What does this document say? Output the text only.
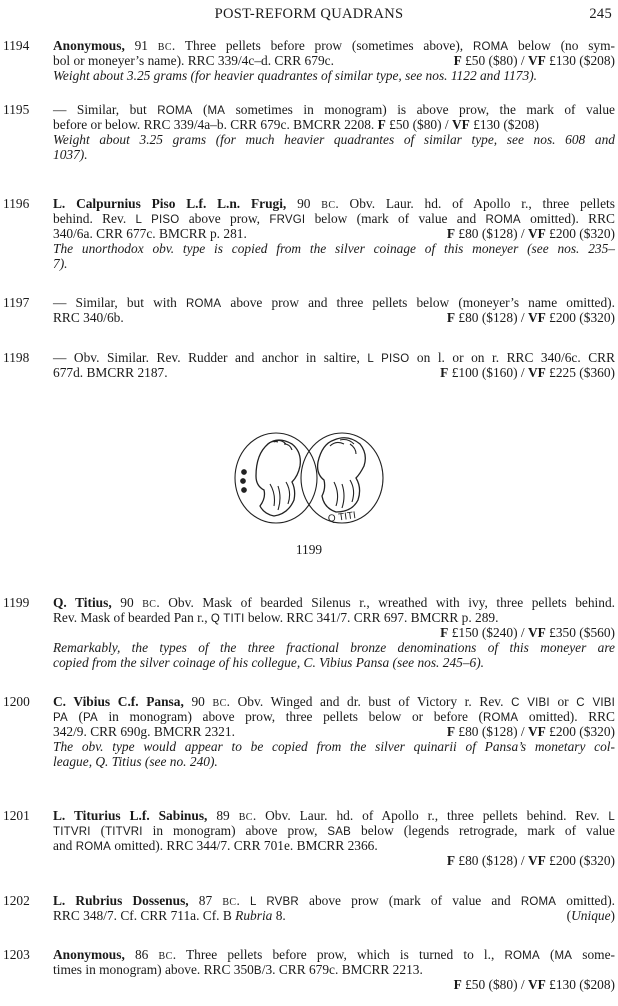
POST-REFORM QUADRANS	245
1194 Anonymous, 91 BC. Three pellets before prow (sometimes above), ROMA below (no sym-
bol or moneyer’s name). RRC 339/4c–d. CRR 679c.	F £50 ($80) / VF £130 ($208)
Weight about 3.25 grams (for heavier quadrantes of similar type, see nos. 1122 and 1173).
1195 — Similar, but ROMA (MA sometimes in monogram) is above prow, the mark of value
before or below. RRC 339/4a–b. CRR 679c. BMCRR 2208. F £50 ($80) / VF £130 ($208)
Weight about 3.25 grams (for much heavier quadrantes of similar type, see nos. 608 and
1037).
1196 L. Calpurnius Piso L.f. L.n. Frugi, 90 BC. Obv. Laur. hd. of Apollo r., three pellets
behind. Rev. L PISO above prow, FRVGI below (mark of value and ROMA omitted). RRC
340/6a. CRR 677c. BMCRR p. 281.	F £80 ($128) / VF £200 ($320)
The unorthodox obv. type is copied from the silver coinage of this moneyer (see nos. 235–
7).
1197 — Similar, but with ROMA above prow and three pellets below (moneyer’s name omitted).
RRC 340/6b.	F £80 ($128) / VF £200 ($320)
1198 — Obv. Similar. Rev. Rudder and anchor in saltire, L PISO on l. or on r. RRC 340/6c. CRR
677d. BMCRR 2187.	F £100 ($160) / VF £225 ($360)
Q TITI
1199
1199 Q. Titius, 90 BC. Obv. Mask of bearded Silenus r., wreathed with ivy, three pellets behind.
Rev. Mask of bearded Pan r., Q TITI below. RRC 341/7. CRR 697. BMCRR p. 289.
F £150 ($240) / VF £350 ($560)
Remarkably, the types of the three fractional bronze denominations of this moneyer are
copied from the silver coinage of his collegue, C. Vibius Pansa (see nos. 245–6).
1200 C. Vibius C.f. Pansa, 90 BC. Obv. Winged and dr. bust of Victory r. Rev. C VIBI or C VIBI
PA (PA in monogram) above prow, three pellets below or before (ROMA omitted). RRC
342/9. CRR 690g. BMCRR 2321.	F £80 ($128) / VF £200 ($320)
The obv. type would appear to be copied from the silver quinarii of Pansa’s monetary col-
league, Q. Titius (see no. 240).
1201 L. Titurius L.f. Sabinus, 89 BC. Obv. Laur. hd. of Apollo r., three pellets behind. Rev. L
TITVRI (TITVRI in monogram) above prow, SAB below (legends retrograde, mark of value
and ROMA omitted). RRC 344/7. CRR 701e. BMCRR 2366.
F £80 ($128) / VF £200 ($320)
1202 L. Rubrius Dossenus, 87 BC. L RVBR above prow (mark of value and ROMA omitted).
RRC 348/7. Cf. CRR 711a. Cf. B Rubria 8.	(Unique)
1203 Anonymous, 86 BC. Three pellets before prow, which is turned to l., ROMA (MA some-
times in monogram) above. RRC 350B/3. CRR 679c. BMCRR 2213.
F £50 ($80) / VF £130 ($208)
